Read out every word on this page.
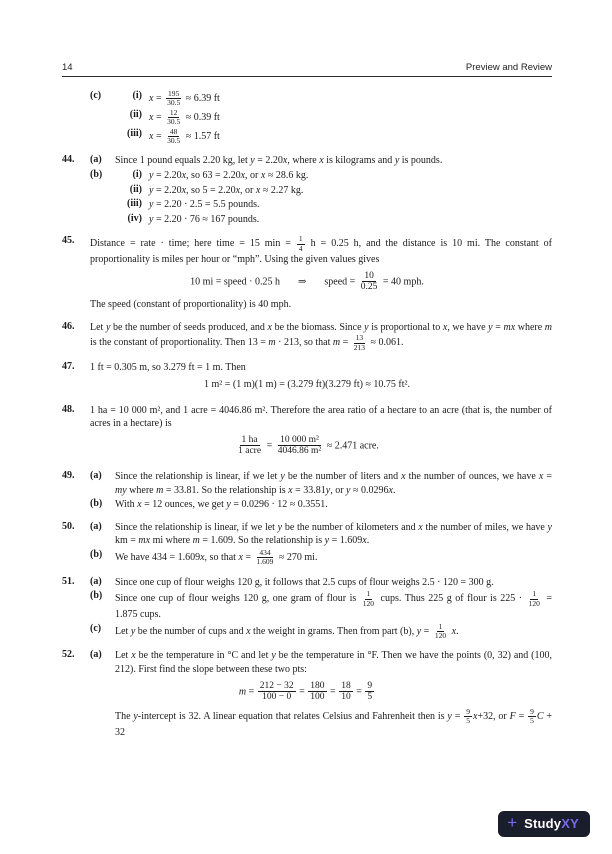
14	Preview and Review
(c)	(i) $x = \frac{195}{30.5} \approx 6.39$ ft
(ii) $x = \frac{12}{30.5} \approx 0.39$ ft
(iii) $x = \frac{48}{30.5} \approx 1.57$ ft
44.	(a)	Since 1 pound equals 2.20 kg, let y = 2.20x, where x is kilograms and y is pounds.
(b)	(i) y = 2.20x, so 63 = 2.20x, or x ≈ 28.6 kg.
(ii) y = 2.20x, so 5 = 2.20x, or x ≈ 2.27 kg.
(iii) y = 2.20 · 2.5 = 5.5 pounds.
(iv) y = 2.20 · 76 ≈ 167 pounds.
45.	Distance = rate · time; here time = 15 $\min = \frac{1}{4}$ h = 0.25 h, and the distance is 10 mi. The constant of proportionality is miles per hour or “mph”. Using the given values gives
10 mi = speed · 0.25 h ⇒ speed = $\frac{10}{0.25} = 40$ mph.
The speed (constant of proportionality) is 40 mph.
46.	Let y be the number of seeds produced, and x be the biomass. Since y is proportional to x, we have y = mx where m is the constant of proportionality. Then 13 = m · 213, so that $m = \frac{13}{213} \approx 0.061$.
47.	1 ft = 0.305 m, so 3.279 ft = 1 m. Then
1 m² = (1 m)(1 m) = (3.279 ft)(3.279 ft) ≈ 10.75 ft².
48.	1 ha = 10 000 m², and 1 acre = 4046.86 m². Therefore the area ratio of a hectare to an acre (that is, the number of acres in a hectare) is
$\frac{1 ha}{\text{1 acre}} = \frac{\text{10 000 m²}}{\text{4046.86 m²}} \approx 2.471$ acre.
49.	(a)	Since the relationship is linear, if we let y be the number of liters and x the number of ounces, we have x = my where m = 33.81. So the relationship is x = 33.81y, or y ≈ 0.0296x.
(b)	With x = 12 ounces, we get y = 0.0296 · 12 ≈ 0.3551.
50.	(a)	Since the relationship is linear, if we let y be the number of kilometers and x the number of miles, we have y km = mx mi where m = 1.609. So the relationship is y = 1.609x.
(b)	We have 434 = 1.609x, so that $x = \frac{434}{1.609} \approx 270$ mi.
51.	(a)	Since one cup of flour weighs 120 g, it follows that 2.5 cups of flour weighs 2.5 · 120 = 300 g.
(b)	Since one cup of flour weighs 120 g, one gram of flour is $\frac{1}{120}$ cups. Thus 225 g of flour is $225 \cdot \frac{1}{120} = 1.875$ cups.
(c)	Let y be the number of cups and x the weight in grams. Then from part (b), $y = \frac{1}{120} x$.
52.	(a)	Let x be the temperature in °C and let y be the temperature in °F. Then we have the points (0, 32) and (100, 212). First find the slope between these two pts:
$m = \frac{212 - 32}{100 - 0} = \frac{180}{100} = \frac{18}{10} = \frac{9}{5}$
The y-intercept is 32. A linear equation that relates Celsius and Fahrenheit then is $y = \frac{9}{5} x+32$, or $F = \frac{9}{5}$ C + 32
+ StudyXY
